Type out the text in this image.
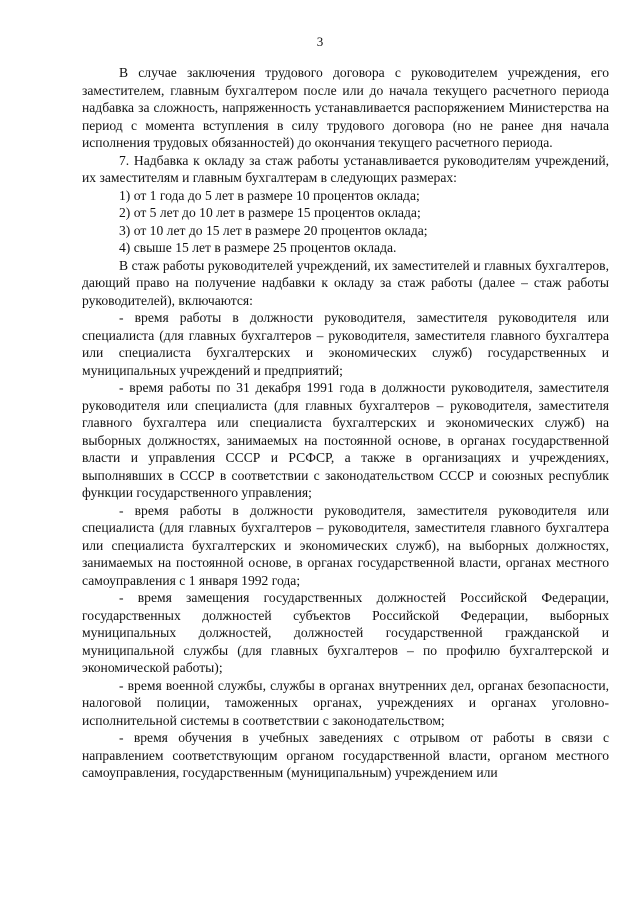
3

В случае заключения трудового договора с руководителем учреждения, его заместителем, главным бухгалтером после или до начала текущего расчетного периода надбавка за сложность, напряженность устанавливается распоряжением Министерства на период с момента вступления в силу трудового договора (но не ранее дня начала исполнения трудовых обязанностей) до окончания текущего расчетного периода.

7. Надбавка к окладу за стаж работы устанавливается руководителям учреждений, их заместителям и главным бухгалтерам в следующих размерах:

1) от 1 года до 5 лет в размере 10 процентов оклада;

2) от 5 лет до 10 лет в размере 15 процентов оклада;

3) от 10 лет до 15 лет в размере 20 процентов оклада;

4) свыше 15 лет в размере 25 процентов оклада.

В стаж работы руководителей учреждений, их заместителей и главных бухгалтеров, дающий право на получение надбавки к окладу за стаж работы (далее – стаж работы руководителей), включаются:

- время работы в должности руководителя, заместителя руководителя или специалиста (для главных бухгалтеров – руководителя, заместителя главного бухгалтера или специалиста бухгалтерских и экономических служб) государственных и муниципальных учреждений и предприятий;

- время работы по 31 декабря 1991 года в должности руководителя, заместителя руководителя или специалиста (для главных бухгалтеров – руководителя, заместителя главного бухгалтера или специалиста бухгалтерских и экономических служб) на выборных должностях, занимаемых на постоянной основе, в органах государственной власти и управления СССР и РСФСР, а также в организациях и учреждениях, выполнявших в СССР в соответствии с законодательством СССР и союзных республик функции государственного управления;

- время работы в должности руководителя, заместителя руководителя или специалиста (для главных бухгалтеров – руководителя, заместителя главного бухгалтера или специалиста бухгалтерских и экономических служб), на выборных должностях, занимаемых на постоянной основе, в органах государственной власти, органах местного самоуправления с 1 января 1992 года;

- время замещения государственных должностей Российской Федерации, государственных должностей субъектов Российской Федерации, выборных муниципальных должностей, должностей государственной гражданской и муниципальной службы (для главных бухгалтеров – по профилю бухгалтерской и экономической работы);

- время военной службы, службы в органах внутренних дел, органах безопасности, налоговой полиции, таможенных органах, учреждениях и органах уголовно-исполнительной системы в соответствии с законодательством;

- время обучения в учебных заведениях с отрывом от работы в связи с направлением соответствующим органом государственной власти, органом местного самоуправления, государственным (муниципальным) учреждением или
